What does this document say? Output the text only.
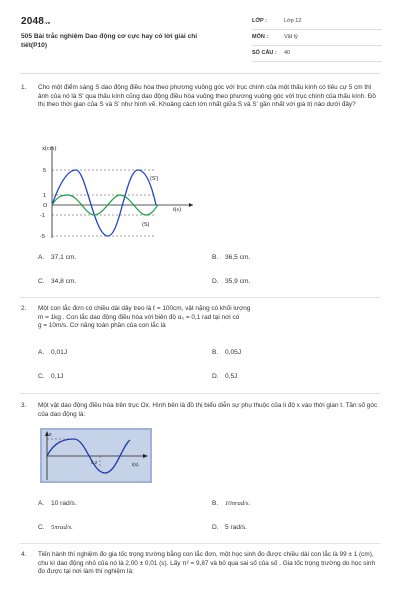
2048.vn
505 Bài trắc nghiệm Dao động cơ cực hay có lời giải chi tiết(P10)
LỚP :	Lớp 12
MÔN :	Vật lý
SỐ CÂU :	40
1. Cho một điểm sáng S dao động điều hòa theo phương vuông góc với trục chính của một thấu kính có tiêu cự 5 cm thì ảnh của nó là S' qua thấu kính cũng dao động điều hòa vuông theo phương vuông góc với trục chính của thấu kính. Đồ thị theo thời gian của S và S' như hình vẽ. Khoảng cách lớn nhất giữa S và S' gần nhất với giá trị nào dưới đây?
x(cm)
t(s)
5
1
O
-1
-5
(S')
(S)
A. 37,1 cm.	B. 36,5 cm.
C. 34,8 cm.	D. 35,9 cm.
2. Một con lắc đơn có chiều dài dây treo là ℓ = 100cm, vật nặng có khối lượng
m = 1kg . Con lắc dao động điều hòa với biên độ α₀ = 0,1 rad tại nơi có
g = 10m/s. Cơ năng toàn phần của con lắc là
A. 0,01J	B. 0,05J
C. 0,1J	D. 0,5J
3. Một vật dao động điều hòa trên trục Ox. Hình bên là đồ thị biểu diễn sự phụ thuộc của li độ x vào thời gian t. Tần số góc của dao động là:
x
t(s)
0,2
A. 10 rad/s.	B. 10πrad/s.
C. 5πrad/s.	D. 5 rad/s.
4. Tiến hành thí nghiệm đo gia tốc trọng trường bằng con lắc đơn, một học sinh đo được chiều dài con lắc là 99 ± 1 (cm), chu kì dao động nhỏ của nó là 2,00 ± 0,01 (s). Lấy π² = 9,87 và bỏ qua sai số của số . Gia tốc trọng trường do học sinh đo được tại nơi làm thí nghiệm là:
